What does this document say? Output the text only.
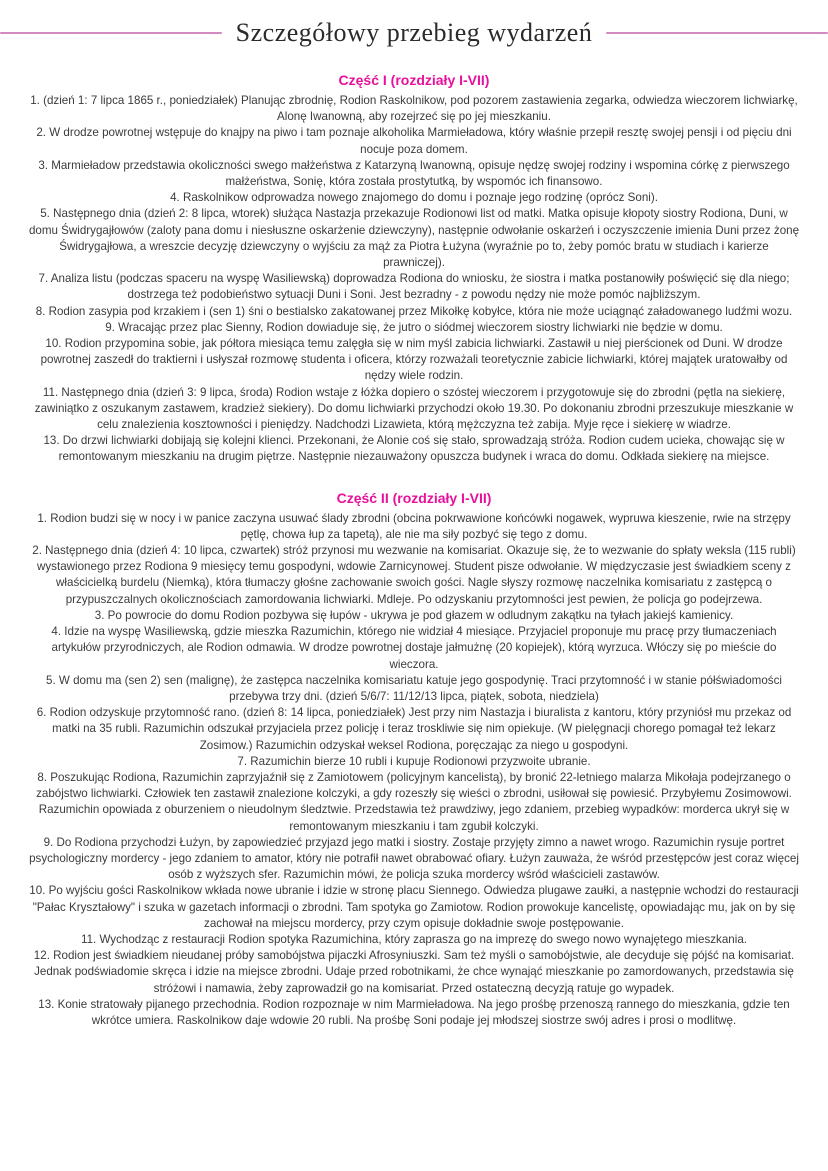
Szczegółowy przebieg wydarzeń
Część I (rozdziały I-VII)

1. (dzień 1: 7 lipca 1865 r., poniedziałek) Planując zbrodnię, Rodion Raskolnikow, pod pozorem zastawienia zegarka, odwiedza wieczorem lichwiarkę, Alonę Iwanowną, aby rozejrzeć się po jej mieszkaniu.

2. W drodze powrotnej wstępuje do knajpy na piwo i tam poznaje alkoholika Marmieładowa, który właśnie przepił resztę swojej pensji i od pięciu dni nocuje poza domem.

3. Marmieładow przedstawia okoliczności swego małżeństwa z Katarzyną Iwanowną, opisuje nędzę swojej rodziny i wspomina córkę z pierwszego małżeństwa, Sonię, która została prostytutką, by wspomóc ich finansowo.

4. Raskolnikow odprowadza nowego znajomego do domu i poznaje jego rodzinę (oprócz Soni).

5. Następnego dnia (dzień 2: 8 lipca, wtorek) służąca Nastazja przekazuje Rodionowi list od matki. Matka opisuje kłopoty siostry Rodiona, Duni, w domu Świdrygajłowów (zaloty pana domu i niesłuszne oskarżenie dziewczyny), następnie odwołanie oskarżeń i oczyszczenie imienia Duni przez żonę Świdrygajłowa, a wreszcie decyzję dziewczyny o wyjściu za mąż za Piotra Łużyna (wyraźnie po to, żeby pomóc bratu w studiach i karierze prawniczej).

7. Analiza listu (podczas spaceru na wyspę Wasiliewską) doprowadza Rodiona do wniosku, że siostra i matka postanowiły poświęcić się dla niego; dostrzega też podobieństwo sytuacji Duni i Soni. Jest bezradny - z powodu nędzy nie może pomóc najbliższym.

8. Rodion zasypia pod krzakiem i (sen 1) śni o bestialsko zakatowanej przez Mikołkę kobyłce, która nie może uciągnąć załadowanego ludźmi wozu.

9. Wracając przez plac Sienny, Rodion dowiaduje się, że jutro o siódmej wieczorem siostry lichwiarki nie będzie w domu.

10. Rodion przypomina sobie, jak półtora miesiąca temu zalęgła się w nim myśl zabicia lichwiarki. Zastawił u niej pierścionek od Duni. W drodze powrotnej zaszedł do traktierni i usłyszał rozmowę studenta i oficera, którzy rozważali teoretycznie zabicie lichwiarki, której majątek uratowałby od nędzy wiele rodzin.

11. Następnego dnia (dzień 3: 9 lipca, środa) Rodion wstaje z łóżka dopiero o szóstej wieczorem i przygotowuje się do zbrodni (pętla na siekierę, zawiniątko z oszukanym zastawem, kradzież siekiery). Do domu lichwiarki przychodzi około 19.30. Po dokonaniu zbrodni przeszukuje mieszkanie w celu znalezienia kosztowności i pieniędzy. Nadchodzi Lizawieta, którą mężczyzna też zabija. Myje ręce i siekierę w wiadrze.

13. Do drzwi lichwiarki dobijają się kolejni klienci. Przekonani, że Alonie coś się stało, sprowadzają stróża. Rodion cudem ucieka, chowając się w remontowanym mieszkaniu na drugim piętrze. Następnie niezauważony opuszcza budynek i wraca do domu. Odkłada siekierę na miejsce.

Część II (rozdziały I-VII)

1. Rodion budzi się w nocy i w panice zaczyna usuwać ślady zbrodni (obcina pokrwawione końcówki nogawek, wypruwa kieszenie, rwie na strzępy pętlę, chowa łup za tapetą), ale nie ma siły pozbyć się tego z domu.

2. Następnego dnia (dzień 4: 10 lipca, czwartek) stróż przynosi mu wezwanie na komisariat. Okazuje się, że to wezwanie do spłaty weksla (115 rubli) wystawionego przez Rodiona 9 miesięcy temu gospodyni, wdowie Zarnicynowej. Student pisze odwołanie. W międzyczasie jest świadkiem sceny z właścicielką burdelu (Niemką), która tłumaczy głośne zachowanie swoich gości. Nagle słyszy rozmowę naczelnika komisariatu z zastępcą o przypuszczalnych okolicznościach zamordowania lichwiarki. Mdleje. Po odzyskaniu przytomności jest pewien, że policja go podejrzewa.

3. Po powrocie do domu Rodion pozbywa się łupów - ukrywa je pod głazem w odludnym zakątku na tyłach jakiejś kamienicy.

4. Idzie na wyspę Wasiliewską, gdzie mieszka Razumichin, którego nie widział 4 miesiące. Przyjaciel proponuje mu pracę przy tłumaczeniach artykułów przyrodniczych, ale Rodion odmawia. W drodze powrotnej dostaje jałmużnę (20 kopiejek), którą wyrzuca. Włóczy się po mieście do wieczora.

5. W domu ma (sen 2) sen (malignę), że zastępca naczelnika komisariatu katuje jego gospodynię. Traci przytomność i w stanie półświadomości przebywa trzy dni. (dzień 5/6/7: 11/12/13 lipca, piątek, sobota, niedziela)

6. Rodion odzyskuje przytomność rano. (dzień 8: 14 lipca, poniedziałek) Jest przy nim Nastazja i biuralista z kantoru, który przyniósł mu przekaz od matki na 35 rubli. Razumichin odszukał przyjaciela przez policję i teraz troskliwie się nim opiekuje. (W pielęgnacji chorego pomagał też lekarz Zosimow.) Razumichin odzyskał weksel Rodiona, poręczając za niego u gospodyni.

7. Razumichin bierze 10 rubli i kupuje Rodionowi przyzwoite ubranie.

8. Poszukując Rodiona, Razumichin zaprzyjaźnił się z Zamiotowem (policyjnym kancelistą), by bronić 22-letniego malarza Mikołaja podejrzanego o zabójstwo lichwiarki. Człowiek ten zastawił znalezione kolczyki, a gdy rozeszły się wieści o zbrodni, usiłował się powiesić. Przybyłemu Zosimowowi. Razumichin opowiada z oburzeniem o nieudolnym śledztwie. Przedstawia też prawdziwy, jego zdaniem, przebieg wypadków: morderca ukrył się w remontowanym mieszkaniu i tam zgubił kolczyki.

9. Do Rodiona przychodzi Łużyn, by zapowiedzieć przyjazd jego matki i siostry. Zostaje przyjęty zimno a nawet wrogo. Razumichin rysuje portret psychologiczny mordercy - jego zdaniem to amator, który nie potrafił nawet obrabować ofiary. Łużyn zauważa, że wśród przestępców jest coraz więcej osób z wyższych sfer. Razumichin mówi, że policja szuka mordercy wśród właścicieli zastawów.

10. Po wyjściu gości Raskolnikow wkłada nowe ubranie i idzie w stronę placu Siennego. Odwiedza plugawe zaułki, a następnie wchodzi do restauracji "Pałac Kryształowy" i szuka w gazetach informacji o zbrodni. Tam spotyka go Zamiotow. Rodion prowokuje kancelistę, opowiadając mu, jak on by się zachował na miejscu mordercy, przy czym opisuje dokładnie swoje postępowanie.

11. Wychodząc z restauracji Rodion spotyka Razumichina, który zaprasza go na imprezę do swego nowo wynajętego mieszkania.

12. Rodion jest świadkiem nieudanej próby samobójstwa pijaczki Afrosyniuszki. Sam też myśli o samobójstwie, ale decyduje się pójść na komisariat. Jednak podświadomie skręca i idzie na miejsce zbrodni. Udaje przed robotnikami, że chce wynająć mieszkanie po zamordowanych, przedstawia się stróżowi i namawia, żeby zaprowadził go na komisariat. Przed ostateczną decyzją ratuje go wypadek.

13. Konie stratowały pijanego przechodnia. Rodion rozpoznaje w nim Marmieładowa. Na jego prośbę przenoszą rannego do mieszkania, gdzie ten wkrótce umiera. Raskolnikow daje wdowie 20 rubli. Na prośbę Soni podaje jej młodszej siostrze swój adres i prosi o modlitwę.
